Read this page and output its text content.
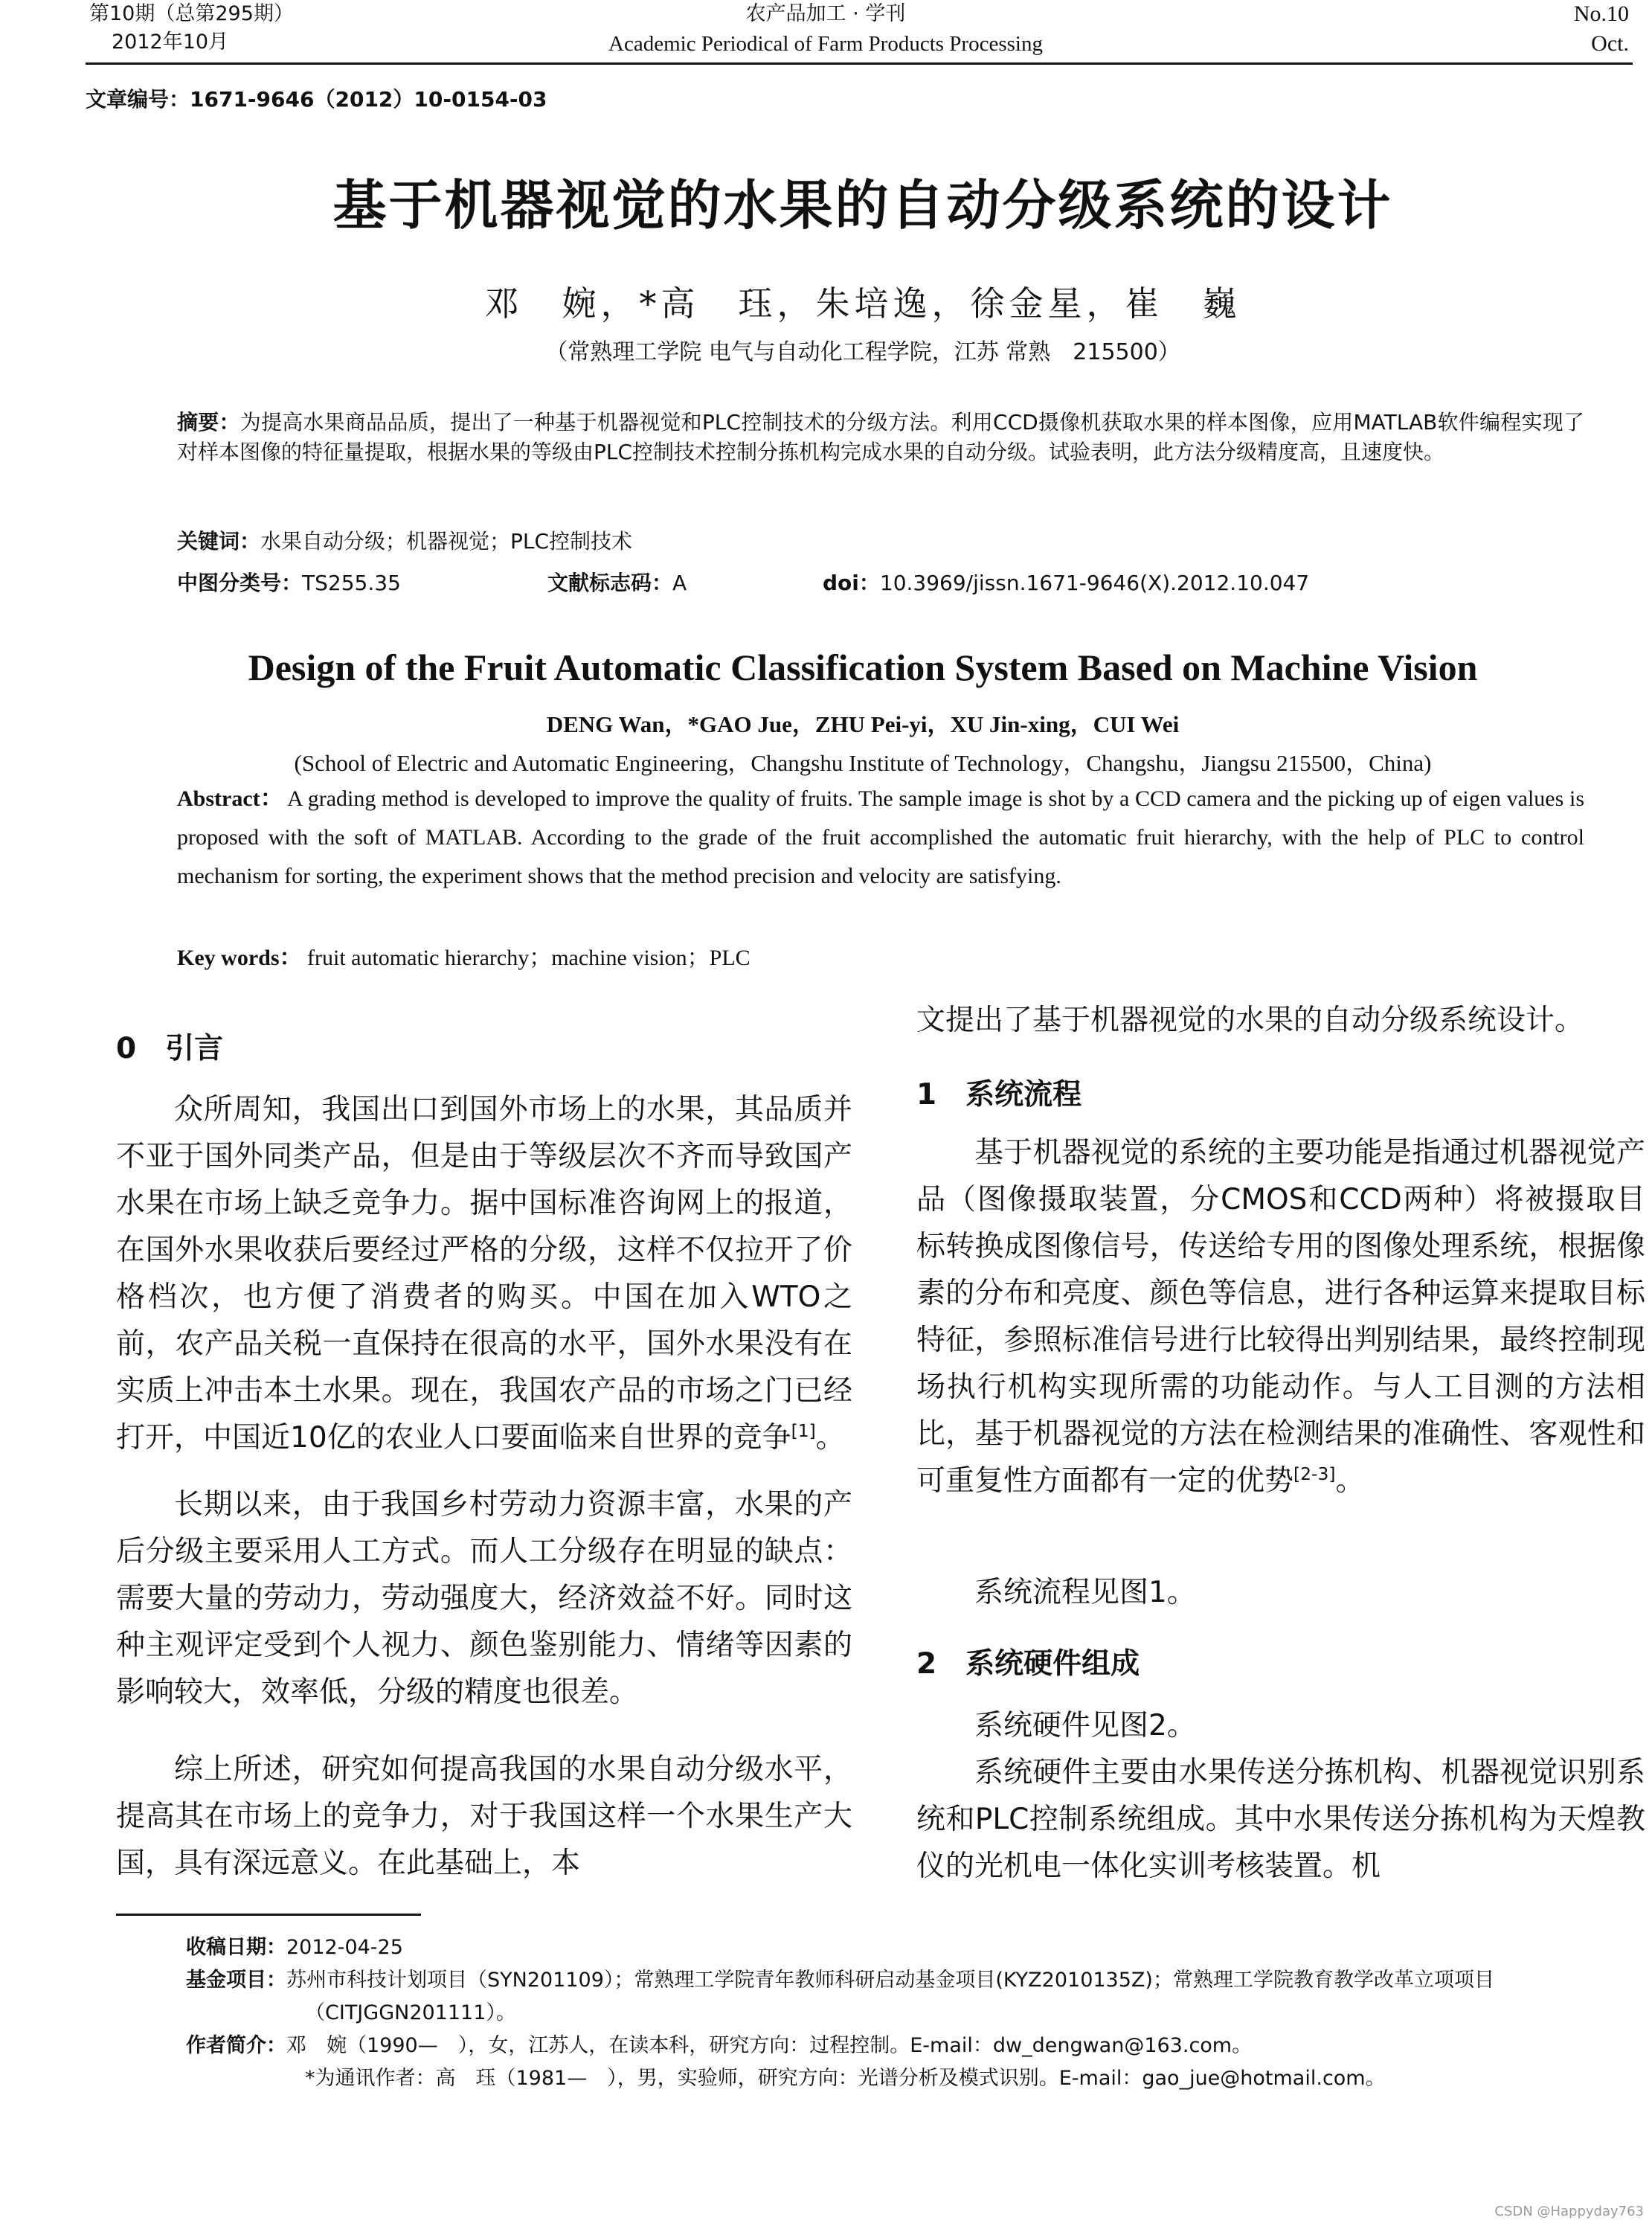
第10期（总第295期）
2012年10月
农产品加工 · 学刊
Academic Periodical of Farm Products Processing
No.10
Oct.
文章编号：1671-9646（2012）10-0154-03
基于机器视觉的水果的自动分级系统的设计
邓　婉，*高　珏，朱培逸，徐金星，崔　巍
（常熟理工学院 电气与自动化工程学院，江苏 常熟　215500）
摘要：为提高水果商品品质，提出了一种基于机器视觉和PLC控制技术的分级方法。利用CCD摄像机获取水果的样本图像，应用MATLAB软件编程实现了对样本图像的特征量提取，根据水果的等级由PLC控制技术控制分拣机构完成水果的自动分级。试验表明，此方法分级精度高，且速度快。
关键词：水果自动分级；机器视觉；PLC控制技术
中图分类号：TS255.35	文献标志码：A	doi：10.3969/jissn.1671-9646(X).2012.10.047
Design of the Fruit Automatic Classification System Based on Machine Vision
DENG Wan，*GAO Jue，ZHU Pei-yi，XU Jin-xing，CUI Wei
(School of Electric and Automatic Engineering，Changshu Institute of Technology，Changshu，Jiangsu 215500，China)
Abstract： A grading method is developed to improve the quality of fruits. The sample image is shot by a CCD camera and the picking up of eigen values is proposed with the soft of MATLAB. According to the grade of the fruit accomplished the automatic fruit hierarchy, with the help of PLC to control mechanism for sorting, the experiment shows that the method precision and velocity are satisfying.
Key words： fruit automatic hierarchy；machine vision；PLC
0　引言

众所周知，我国出口到国外市场上的水果，其品质并不亚于国外同类产品，但是由于等级层次不齐而导致国产水果在市场上缺乏竞争力。据中国标准咨询网上的报道，在国外水果收获后要经过严格的分级，这样不仅拉开了价格档次，也方便了消费者的购买。中国在加入WTO之前，农产品关税一直保持在很高的水平，国外水果没有在实质上冲击本土水果。现在，我国农产品的市场之门已经打开，中国近10亿的农业人口要面临来自世界的竞争[1]。

长期以来，由于我国乡村劳动力资源丰富，水果的产后分级主要采用人工方式。而人工分级存在明显的缺点：需要大量的劳动力，劳动强度大，经济效益不好。同时这种主观评定受到个人视力、颜色鉴别能力、情绪等因素的影响较大，效率低，分级的精度也很差。

综上所述，研究如何提高我国的水果自动分级水平，提高其在市场上的竞争力，对于我国这样一个水果生产大国，具有深远意义。在此基础上，本

文提出了基于机器视觉的水果的自动分级系统设计。

1　系统流程

基于机器视觉的系统的主要功能是指通过机器视觉产品（图像摄取装置，分CMOS和CCD两种）将被摄取目标转换成图像信号，传送给专用的图像处理系统，根据像素的分布和亮度、颜色等信息，进行各种运算来提取目标特征，参照标准信号进行比较得出判别结果，最终控制现场执行机构实现所需的功能动作。与人工目测的方法相比，基于机器视觉的方法在检测结果的准确性、客观性和可重复性方面都有一定的优势[2-3]。

系统流程见图1。

2　系统硬件组成

系统硬件见图2。

系统硬件主要由水果传送分拣机构、机器视觉识别系统和PLC控制系统组成。其中水果传送分拣机构为天煌教仪的光机电一体化实训考核装置。机

收稿日期：2012-04-25
基金项目：苏州市科技计划项目（SYN201109）；常熟理工学院青年教师科研启动基金项目(KYZ2010135Z)；常熟理工学院教育教学改革立项项目（CITJGGN201111）。
作者简介：邓　婉（1990—　），女，江苏人，在读本科，研究方向：过程控制。E-mail：dw_dengwan@163.com。
*为通讯作者：高　珏（1981—　），男，实验师，研究方向：光谱分析及模式识别。E-mail：gao_jue@hotmail.com。
CSDN @Happyday763
